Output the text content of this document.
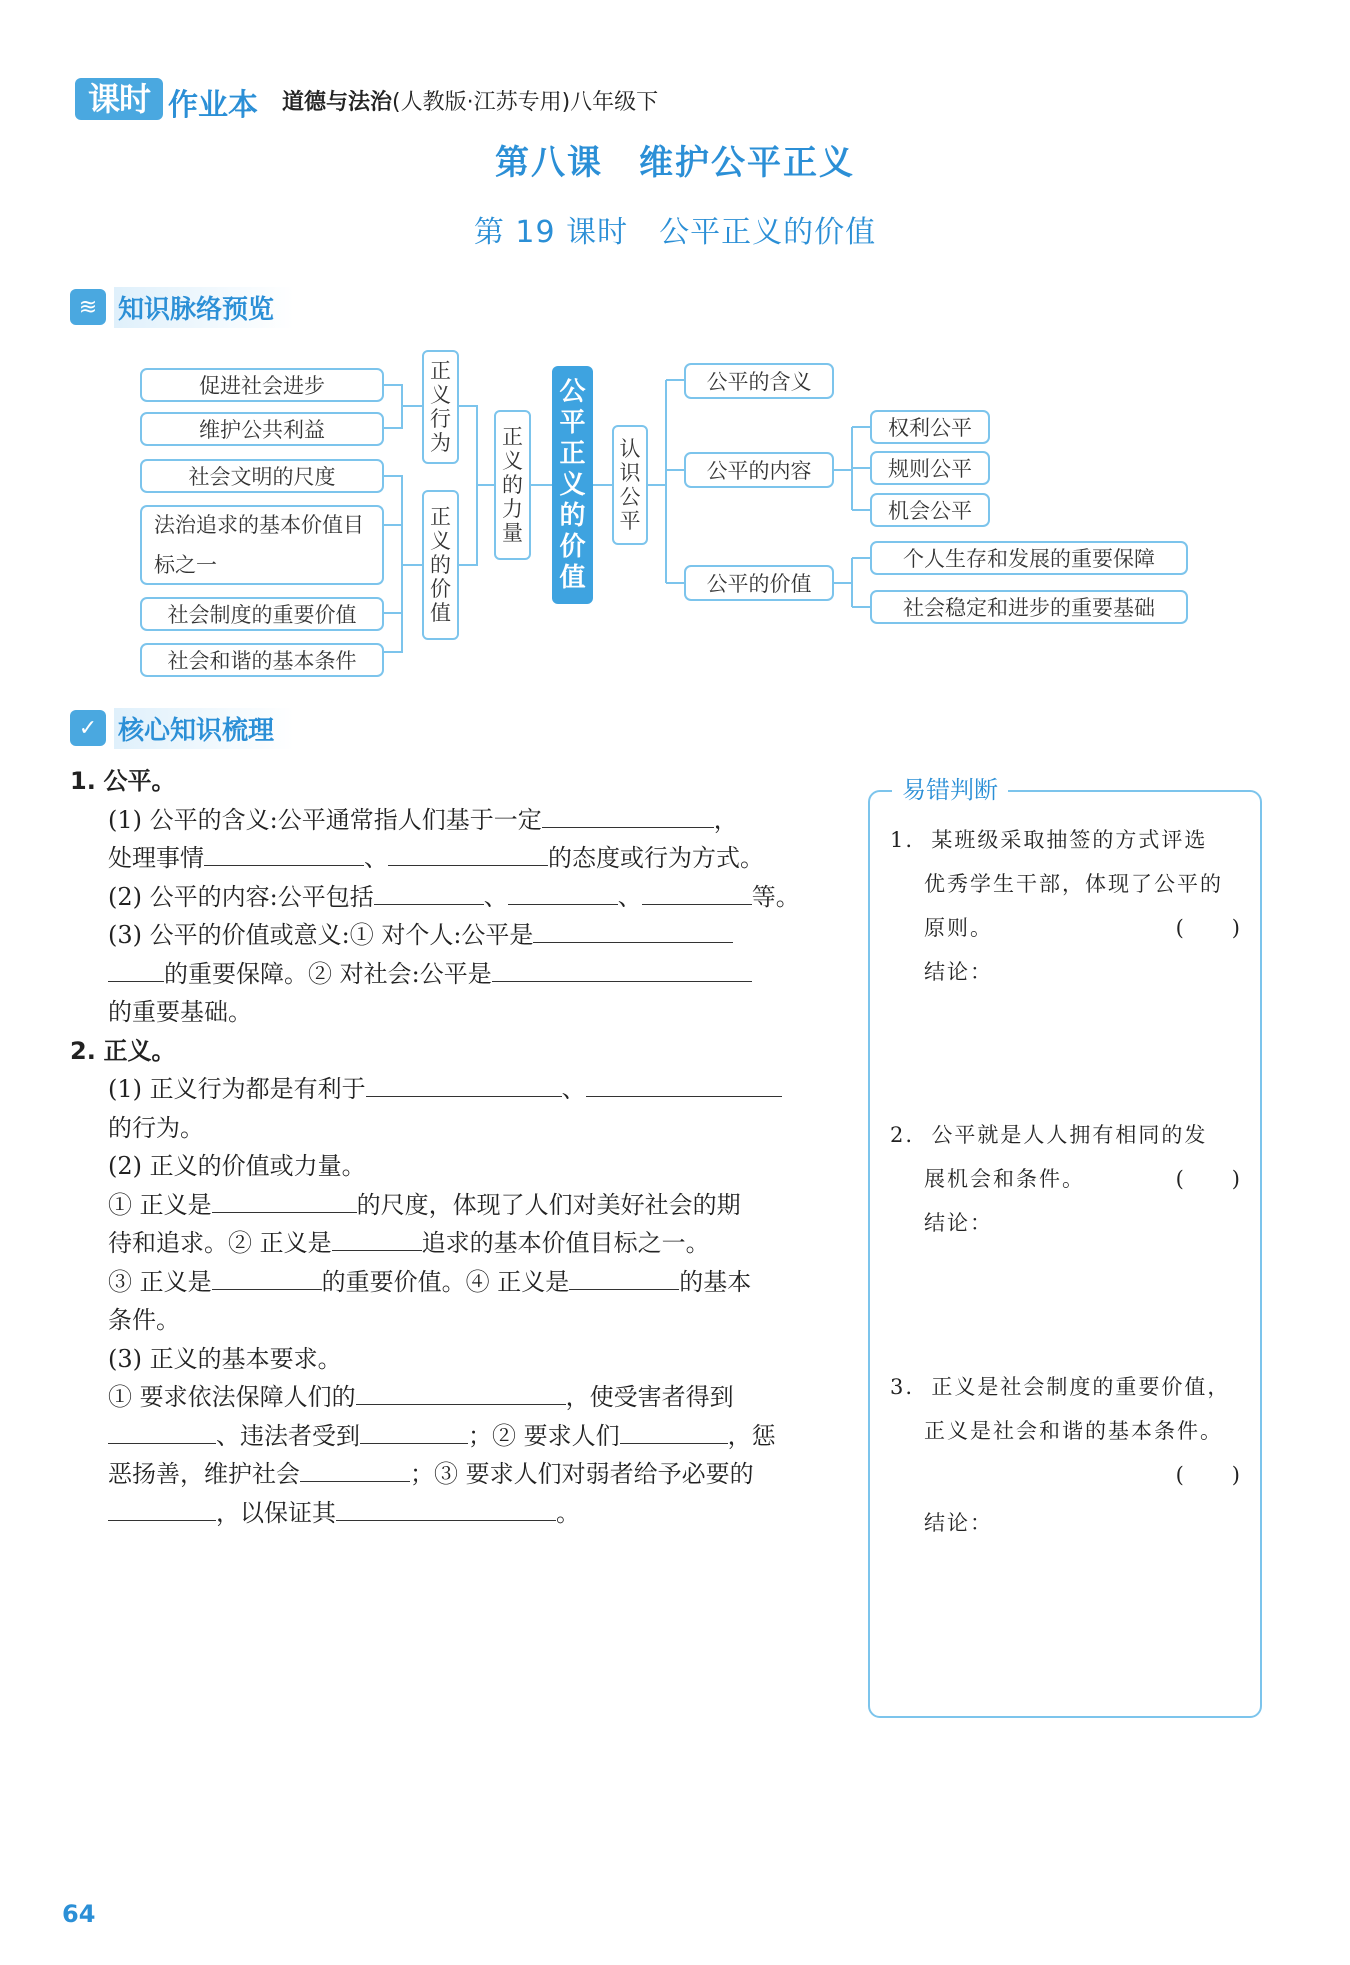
课时 作业本 道德与法治(人教版·江苏专用)八年级下
第八课　维护公平正义
第 19 课时　公平正义的价值
≋ 知识脉络预览
促进社会进步
维护公共利益
社会文明的尺度
法治追求的基本价值目标之一
社会制度的重要价值
社会和谐的基本条件
正义行为
正义的价值
正义的力量
公平正义的价值
认识公平
公平的含义
公平的内容
公平的价值
权利公平
规则公平
机会公平
个人生存和发展的重要保障
社会稳定和进步的重要基础
✓ 核心知识梳理
1. 公平。
(1) 公平的含义:公平通常指人们基于一定	，
处理事情	、	的态度或行为方式。
(2) 公平的内容:公平包括	、	、	等。
(3) 公平的价值或意义:① 对个人:公平是
的重要保障。② 对社会:公平是
的重要基础。
2. 正义。
(1) 正义行为都是有利于	、
的行为。
(2) 正义的价值或力量。
① 正义是	的尺度，体现了人们对美好社会的期
待和追求。② 正义是	追求的基本价值目标之一。
③ 正义是	的重要价值。④ 正义是	的基本
条件。
(3) 正义的基本要求。
① 要求依法保障人们的	，使受害者得到
、违法者受到	；② 要求人们	，惩
恶扬善，维护社会	；③ 要求人们对弱者给予必要的
，以保证其	。
易错判断
1. 某班级采取抽签的方式评选
优秀学生干部，体现了公平的
原则。	(　　)
结论：
2. 公平就是人人拥有相同的发
展机会和条件。	(　　)
结论：
3. 正义是社会制度的重要价值，
正义是社会和谐的基本条件。
(　　)
结论：
64
